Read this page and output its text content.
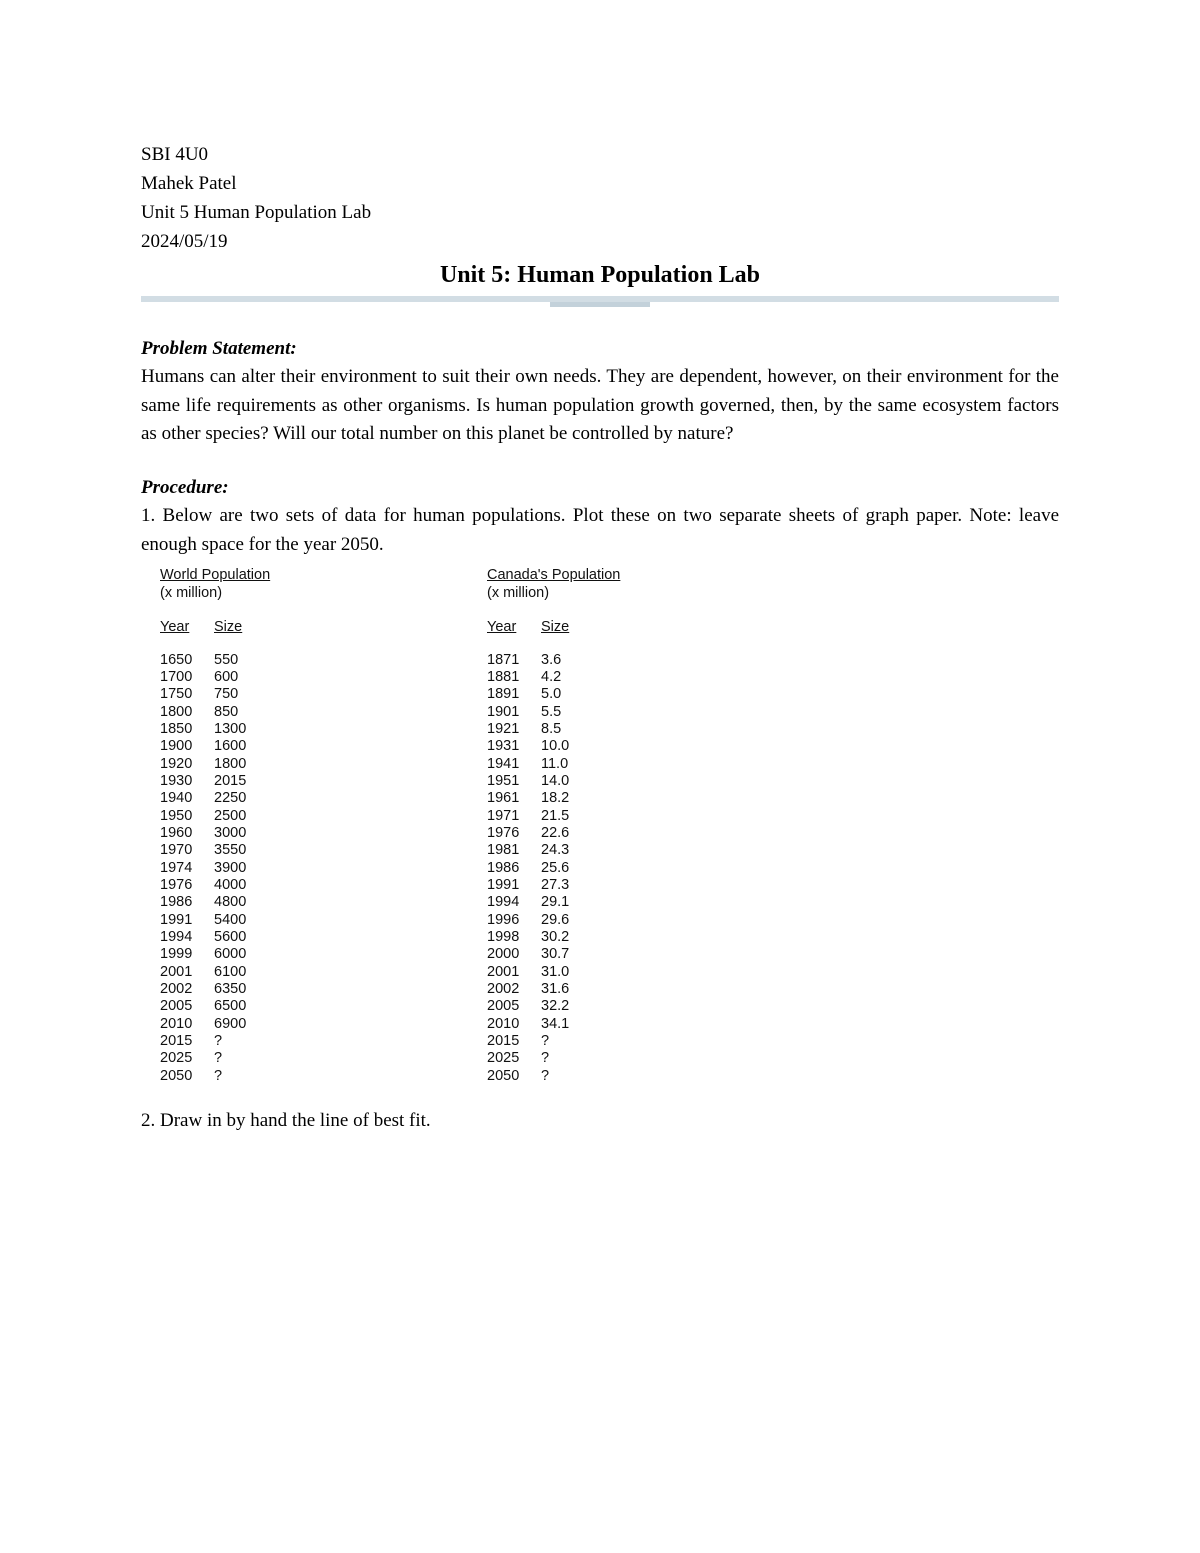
SBI 4U0

Mahek Patel

Unit 5 Human Population Lab

2024/05/19

Unit 5: Human Population Lab

Problem Statement:

Humans can alter their environment to suit their own needs. They are dependent, however, on their environment for the same life requirements as other organisms. Is human population growth governed, then, by the same ecosystem factors as other species? Will our total number on this planet be controlled by nature?

Procedure:

1. Below are two sets of data for human populations. Plot these on two separate sheets of graph paper. Note: leave enough space for the year 2050.

World Population
(x million)
Year	Size
1650	550
1700	600
1750	750
1800	850
1850	1300
1900	1600
1920	1800
1930	2015
1940	2250
1950	2500
1960	3000
1970	3550
1974	3900
1976	4000
1986	4800
1991	5400
1994	5600
1999	6000
2001	6100
2002	6350
2005	6500
2010	6900
2015	?
2025	?
2050	?
Canada's Population
(x million)
Year	Size
1871	3.6
1881	4.2
1891	5.0
1901	5.5
1921	8.5
1931	10.0
1941	11.0
1951	14.0
1961	18.2
1971	21.5
1976	22.6
1981	24.3
1986	25.6
1991	27.3
1994	29.1
1996	29.6
1998	30.2
2000	30.7
2001	31.0
2002	31.6
2005	32.2
2010	34.1
2015	?
2025	?
2050	?

2. Draw in by hand the line of best fit.
